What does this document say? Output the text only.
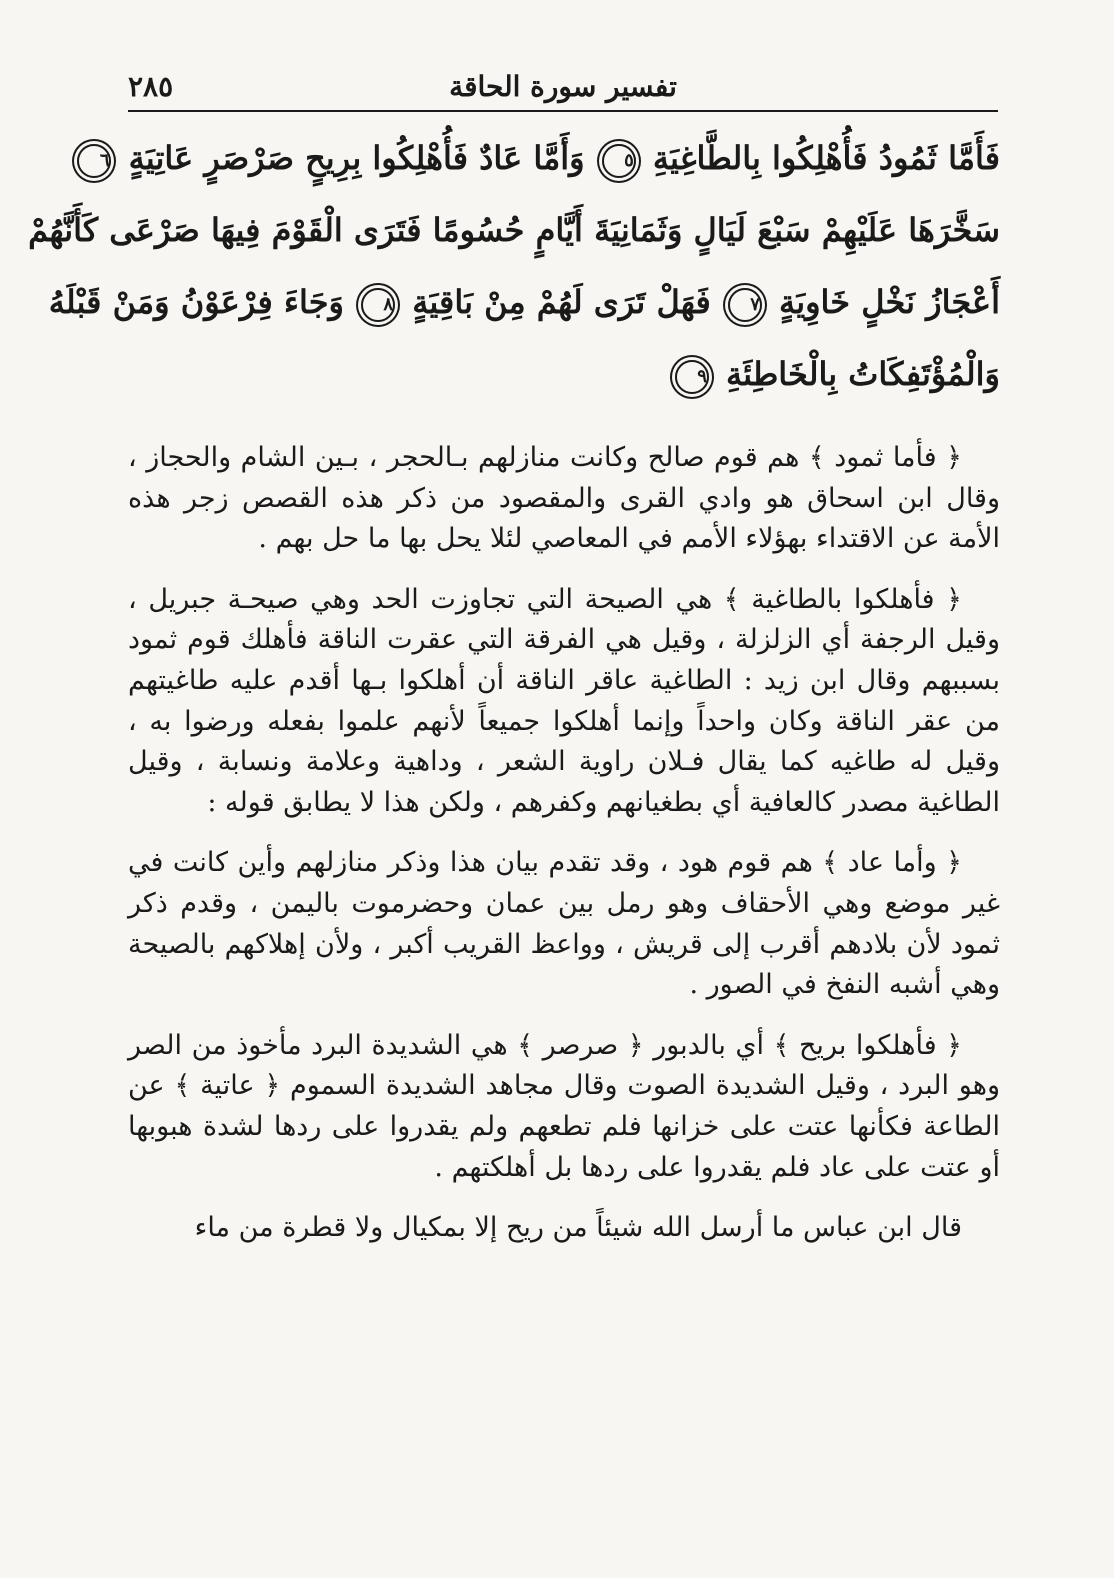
تفسير سورة الحاقة
٢٨٥
فَأَمَّا ثَمُودُ فَأُهْلِكُوا بِالطَّاغِيَةِ ٥ وَأَمَّا عَادٌ فَأُهْلِكُوا بِرِيحٍ صَرْصَرٍ عَاتِيَةٍ ٦
سَخَّرَهَا عَلَيْهِمْ سَبْعَ لَيَالٍ وَثَمَانِيَةَ أَيَّامٍ حُسُومًا فَتَرَى الْقَوْمَ فِيهَا صَرْعَى كَأَنَّهُمْ
أَعْجَازُ نَخْلٍ خَاوِيَةٍ ٧ فَهَلْ تَرَى لَهُمْ مِنْ بَاقِيَةٍ ٨ وَجَاءَ فِرْعَوْنُ وَمَنْ قَبْلَهُ
وَالْمُؤْتَفِكَاتُ بِالْخَاطِئَةِ ٩

﴿ فأما ثمود ﴾ هم قوم صالح وكانت منازلهم بـالحجر ، بـين الشام والحجاز ، وقال ابن اسحاق هو وادي القرى والمقصود من ذكر هذه القصص زجر هذه الأمة عن الاقتداء بهؤلاء الأمم في المعاصي لئلا يحل بها ما حل بهم .

﴿ فأهلكوا بالطاغية ﴾ هي الصيحة التي تجاوزت الحد وهي صيحـة جبريل ، وقيل الرجفة أي الزلزلة ، وقيل هي الفرقة التي عقرت الناقة فأهلك قوم ثمود بسببهم وقال ابن زيد : الطاغية عاقر الناقة أن أهلكوا بـها أقدم عليه طاغيتهم من عقر الناقة وكان واحداً وإنما أهلكوا جميعاً لأنهم علموا بفعله ورضوا به ، وقيل له طاغيه كما يقال فـلان راوية الشعر ، وداهية وعلامة ونسابة ، وقيل الطاغية مصدر كالعافية أي بطغيانهم وكفرهم ، ولكن هذا لا يطابق قوله :

﴿ وأما عاد ﴾ هم قوم هود ، وقد تقدم بيان هذا وذكر منازلهم وأين كانت في غير موضع وهي الأحقاف وهو رمل بين عمان وحضرموت باليمن ، وقدم ذكر ثمود لأن بلادهم أقرب إلى قريش ، وواعظ القريب أكبر ، ولأن إهلاكهم بالصيحة وهي أشبه النفخ في الصور .

﴿ فأهلكوا بريح ﴾ أي بالدبور ﴿ صرصر ﴾ هي الشديدة البرد مأخوذ من الصر وهو البرد ، وقيل الشديدة الصوت وقال مجاهد الشديدة السموم ﴿ عاتية ﴾ عن الطاعة فكأنها عتت على خزانها فلم تطعهم ولم يقدروا على ردها لشدة هبوبها أو عتت على عاد فلم يقدروا على ردها بل أهلكتهم .

قال ابن عباس ما أرسل الله شيئاً من ريح إلا بمكيال ولا قطرة من ماء
